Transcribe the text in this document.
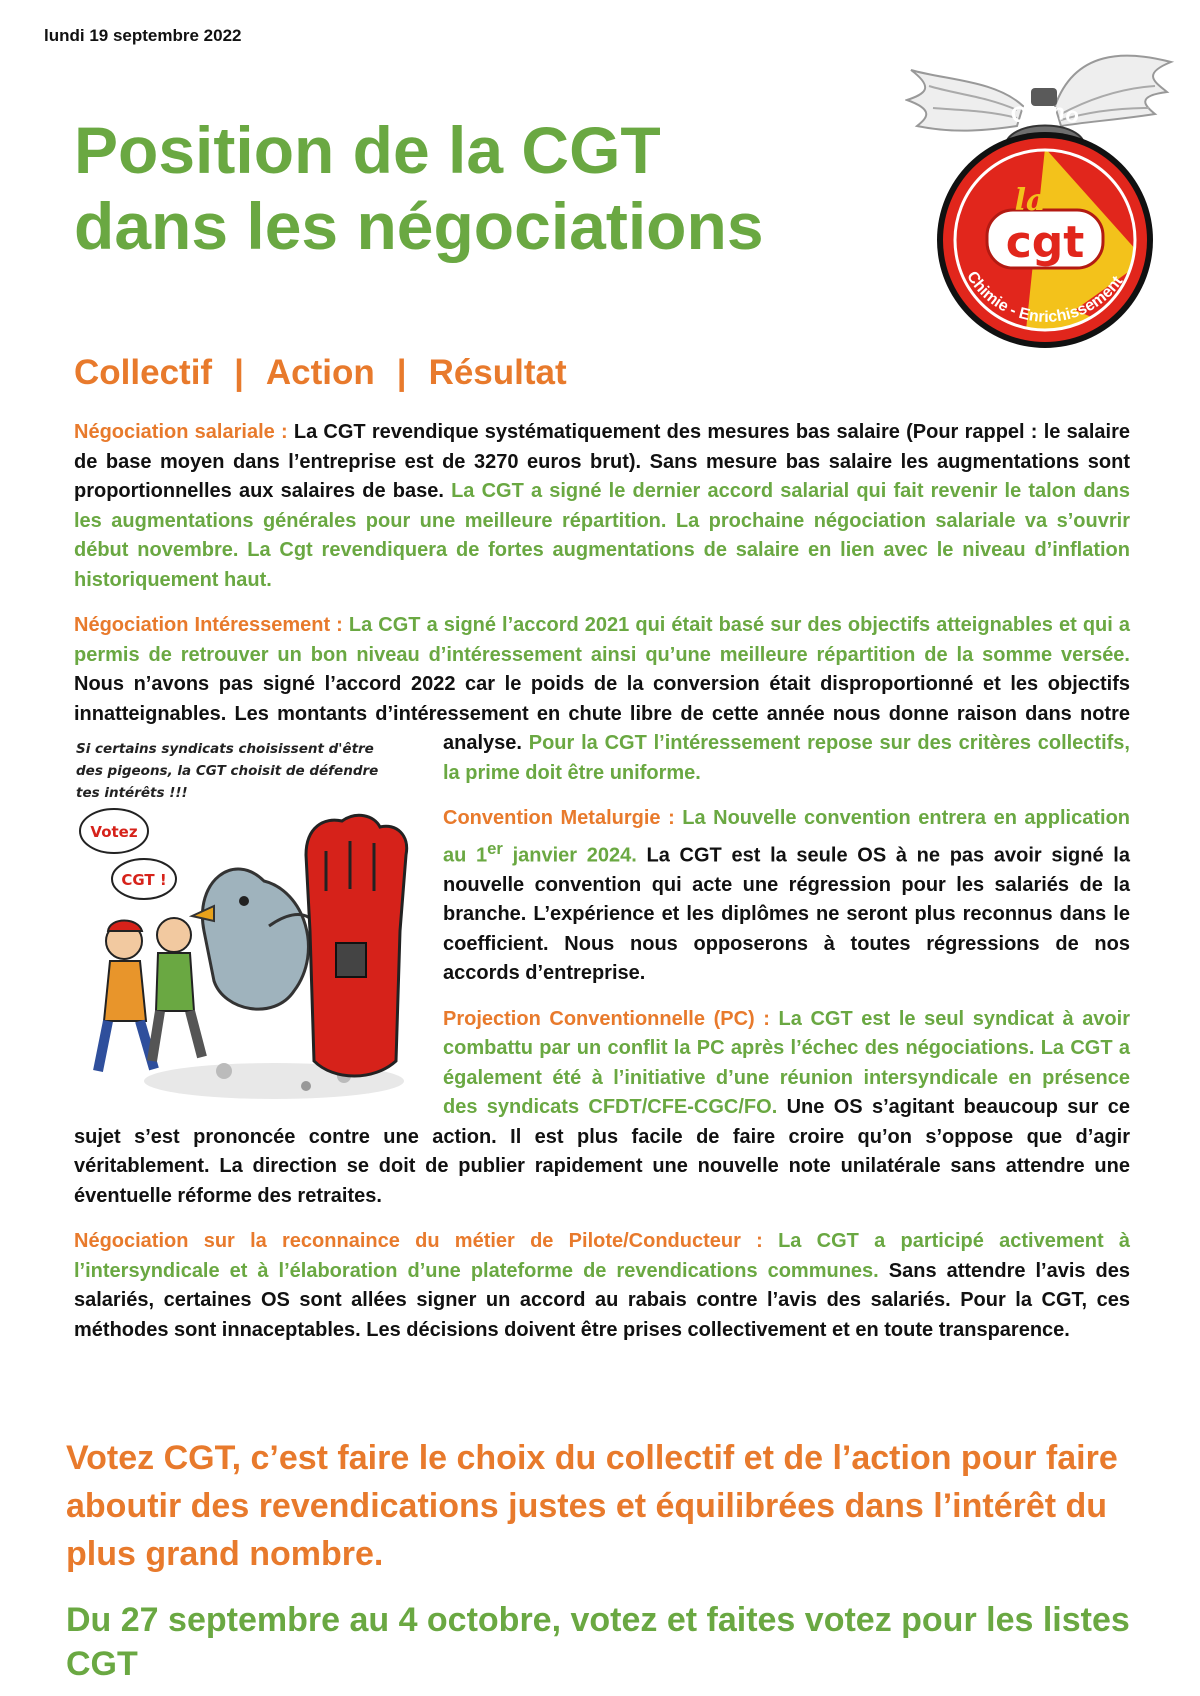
lundi 19 septembre 2022
Position de la CGT
dans les négociations	la
cgt
Orano
Chimie - Enrichissement
Collectif | Action | Résultat

Négociation salariale : La CGT revendique systématiquement des mesures bas salaire (Pour rappel : le salaire de base moyen dans l’entreprise est de 3270 euros brut). Sans mesure bas salaire les augmentations sont proportionnelles aux salaires de base. La CGT a signé le dernier accord salarial qui fait revenir le talon dans les augmentations générales pour une meilleure répartition. La prochaine négociation salariale va s’ouvrir début novembre. La Cgt revendiquera de fortes augmentations de salaire en lien avec le niveau d’inflation historiquement haut.

Négociation Intéressement : La CGT a signé l’accord 2021 qui était basé sur des objectifs atteignables et qui a permis de retrouver un bon niveau d’intéressement ainsi qu’une meilleure répartition de la somme versée. Nous n’avons pas signé l’accord 2022 car le poids de la conversion était disproportionné et les objectifs innatteignables. Les montants d’intéressement en chute libre de cette année nous donne raison dans notre analyse.
Si certains syndicats choisissent d'être des pigeons, la CGT choisit de défendre tes intérêts !!!
Votez
CGT !
Pour la CGT l’intéressement repose sur des critères collectifs, la prime doit être uniforme.

Convention Metalurgie : La Nouvelle convention entrera en application au 1er janvier 2024. La CGT est la seule OS à ne pas avoir signé la nouvelle convention qui acte une régression pour les salariés de la branche. L’expérience et les diplômes ne seront plus reconnus dans le coefficient. Nous nous opposerons à toutes régressions de nos accords d’entreprise.

Projection Conventionnelle (PC) : La CGT est le seul syndicat à avoir combattu par un conflit la PC après l’échec des négociations. La CGT a également été à l’initiative d’une réunion intersyndicale en présence des syndicats CFDT/CFE-CGC/FO. Une OS s’agitant beaucoup sur ce sujet s’est prononcée contre une action. Il est plus facile de faire croire qu’on s’oppose que d’agir véritablement. La direction se doit de publier rapidement une nouvelle note unilatérale sans attendre une éventuelle réforme des retraites.

Négociation sur la reconnaince du métier de Pilote/Conducteur : La CGT a participé activement à l’intersyndicale et à l’élaboration d’une plateforme de revendications communes. Sans attendre l’avis des salariés, certaines OS sont allées signer un accord au rabais contre l’avis des salariés. Pour la CGT, ces méthodes sont innaceptables. Les décisions doivent être prises collectivement et en toute transparence.

Votez CGT, c’est faire le choix du collectif et de l’action pour faire aboutir des revendications justes et équilibrées dans l’intérêt du plus grand nombre.

Du 27 septembre au 4 octobre, votez et faites votez pour les listes CGT
